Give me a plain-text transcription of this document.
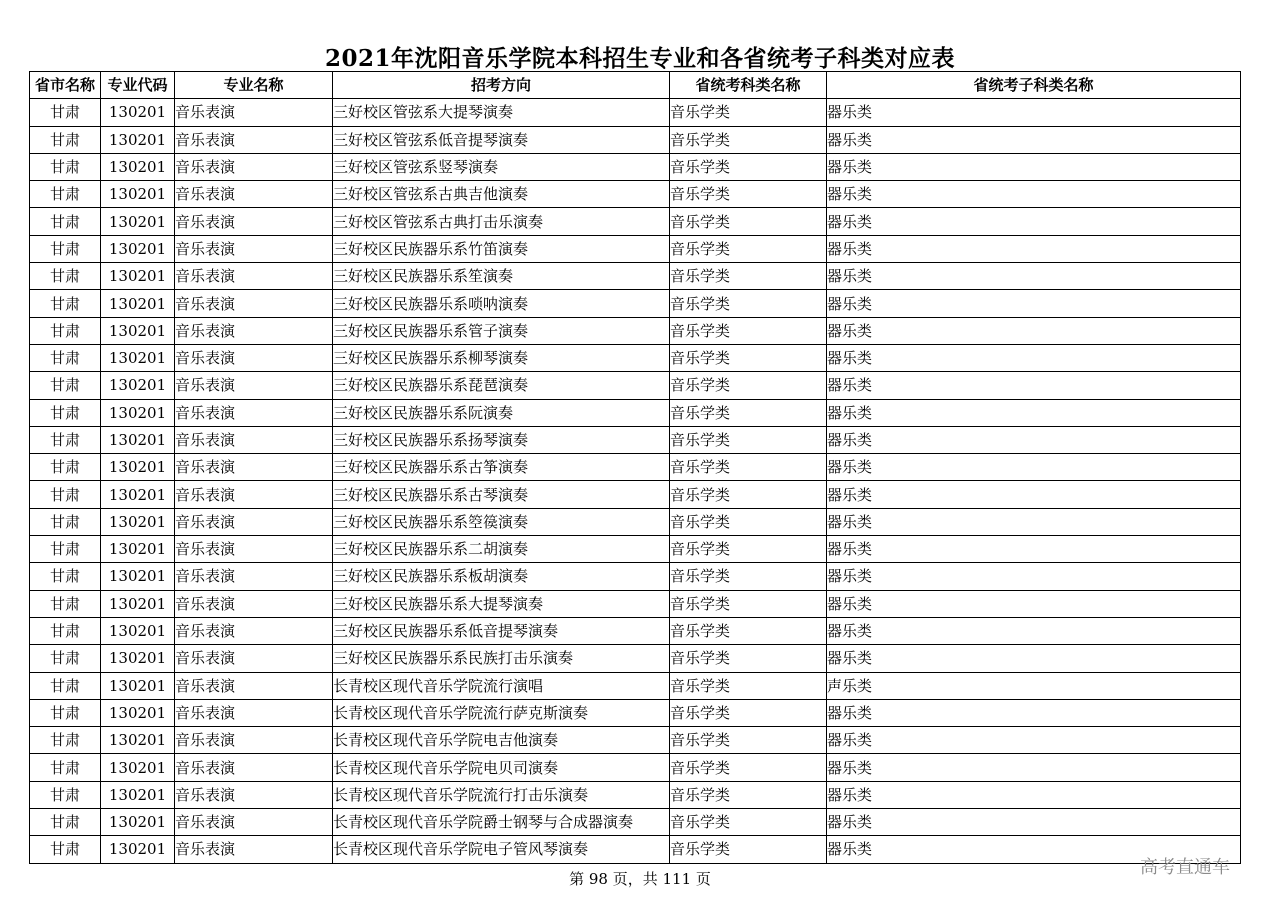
2021年沈阳音乐学院本科招生专业和各省统考子科类对应表
省市名称	专业代码	专业名称	招考方向	省统考科类名称	省统考子科类名称
甘肃	130201	音乐表演	三好校区管弦系大提琴演奏	音乐学类	器乐类
甘肃	130201	音乐表演	三好校区管弦系低音提琴演奏	音乐学类	器乐类
甘肃	130201	音乐表演	三好校区管弦系竖琴演奏	音乐学类	器乐类
甘肃	130201	音乐表演	三好校区管弦系古典吉他演奏	音乐学类	器乐类
甘肃	130201	音乐表演	三好校区管弦系古典打击乐演奏	音乐学类	器乐类
甘肃	130201	音乐表演	三好校区民族器乐系竹笛演奏	音乐学类	器乐类
甘肃	130201	音乐表演	三好校区民族器乐系笙演奏	音乐学类	器乐类
甘肃	130201	音乐表演	三好校区民族器乐系唢呐演奏	音乐学类	器乐类
甘肃	130201	音乐表演	三好校区民族器乐系管子演奏	音乐学类	器乐类
甘肃	130201	音乐表演	三好校区民族器乐系柳琴演奏	音乐学类	器乐类
甘肃	130201	音乐表演	三好校区民族器乐系琵琶演奏	音乐学类	器乐类
甘肃	130201	音乐表演	三好校区民族器乐系阮演奏	音乐学类	器乐类
甘肃	130201	音乐表演	三好校区民族器乐系扬琴演奏	音乐学类	器乐类
甘肃	130201	音乐表演	三好校区民族器乐系古筝演奏	音乐学类	器乐类
甘肃	130201	音乐表演	三好校区民族器乐系古琴演奏	音乐学类	器乐类
甘肃	130201	音乐表演	三好校区民族器乐系箜篌演奏	音乐学类	器乐类
甘肃	130201	音乐表演	三好校区民族器乐系二胡演奏	音乐学类	器乐类
甘肃	130201	音乐表演	三好校区民族器乐系板胡演奏	音乐学类	器乐类
甘肃	130201	音乐表演	三好校区民族器乐系大提琴演奏	音乐学类	器乐类
甘肃	130201	音乐表演	三好校区民族器乐系低音提琴演奏	音乐学类	器乐类
甘肃	130201	音乐表演	三好校区民族器乐系民族打击乐演奏	音乐学类	器乐类
甘肃	130201	音乐表演	长青校区现代音乐学院流行演唱	音乐学类	声乐类
甘肃	130201	音乐表演	长青校区现代音乐学院流行萨克斯演奏	音乐学类	器乐类
甘肃	130201	音乐表演	长青校区现代音乐学院电吉他演奏	音乐学类	器乐类
甘肃	130201	音乐表演	长青校区现代音乐学院电贝司演奏	音乐学类	器乐类
甘肃	130201	音乐表演	长青校区现代音乐学院流行打击乐演奏	音乐学类	器乐类
甘肃	130201	音乐表演	长青校区现代音乐学院爵士钢琴与合成器演奏	音乐学类	器乐类
甘肃	130201	音乐表演	长青校区现代音乐学院电子管风琴演奏	音乐学类	器乐类
第 98 页，共 111 页
高考直通车
